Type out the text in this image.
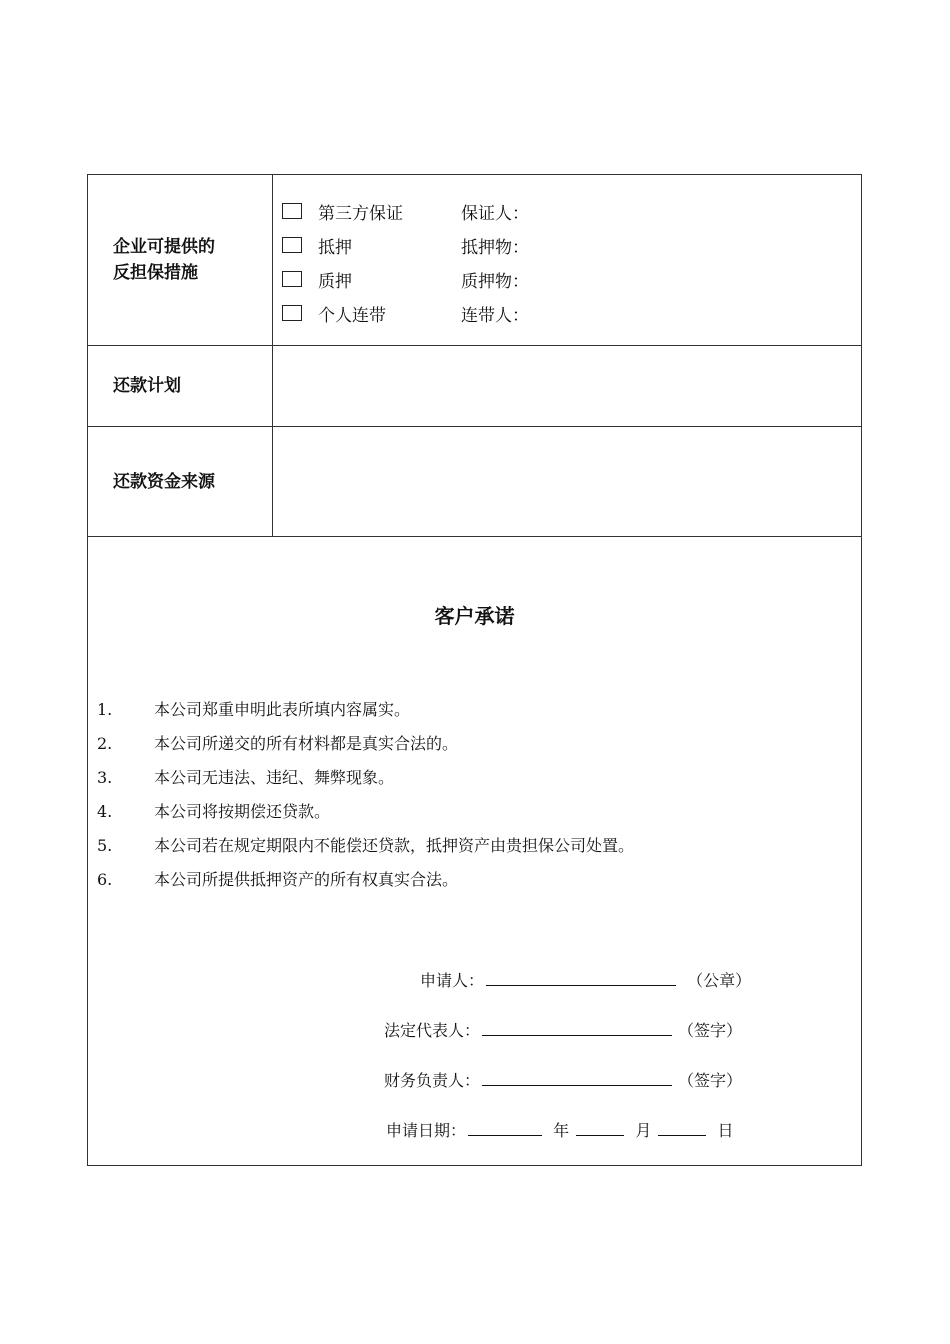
企业可提供的
反担保措施
第三方保证	保证人：
抵押	抵押物：
质押	质押物：
个人连带	连带人：
还款计划
还款资金来源
客户承诺
1.	本公司郑重申明此表所填内容属实。
2.	本公司所递交的所有材料都是真实合法的。
3.	本公司无违法、违纪、舞弊现象。
4.	本公司将按期偿还贷款。
5.	本公司若在规定期限内不能偿还贷款，抵押资产由贵担保公司处置。
6.	本公司所提供抵押资产的所有权真实合法。
申请人：	（公章）
法定代表人：	（签字）
财务负责人：	（签字）
申请日期：	年	月	日
